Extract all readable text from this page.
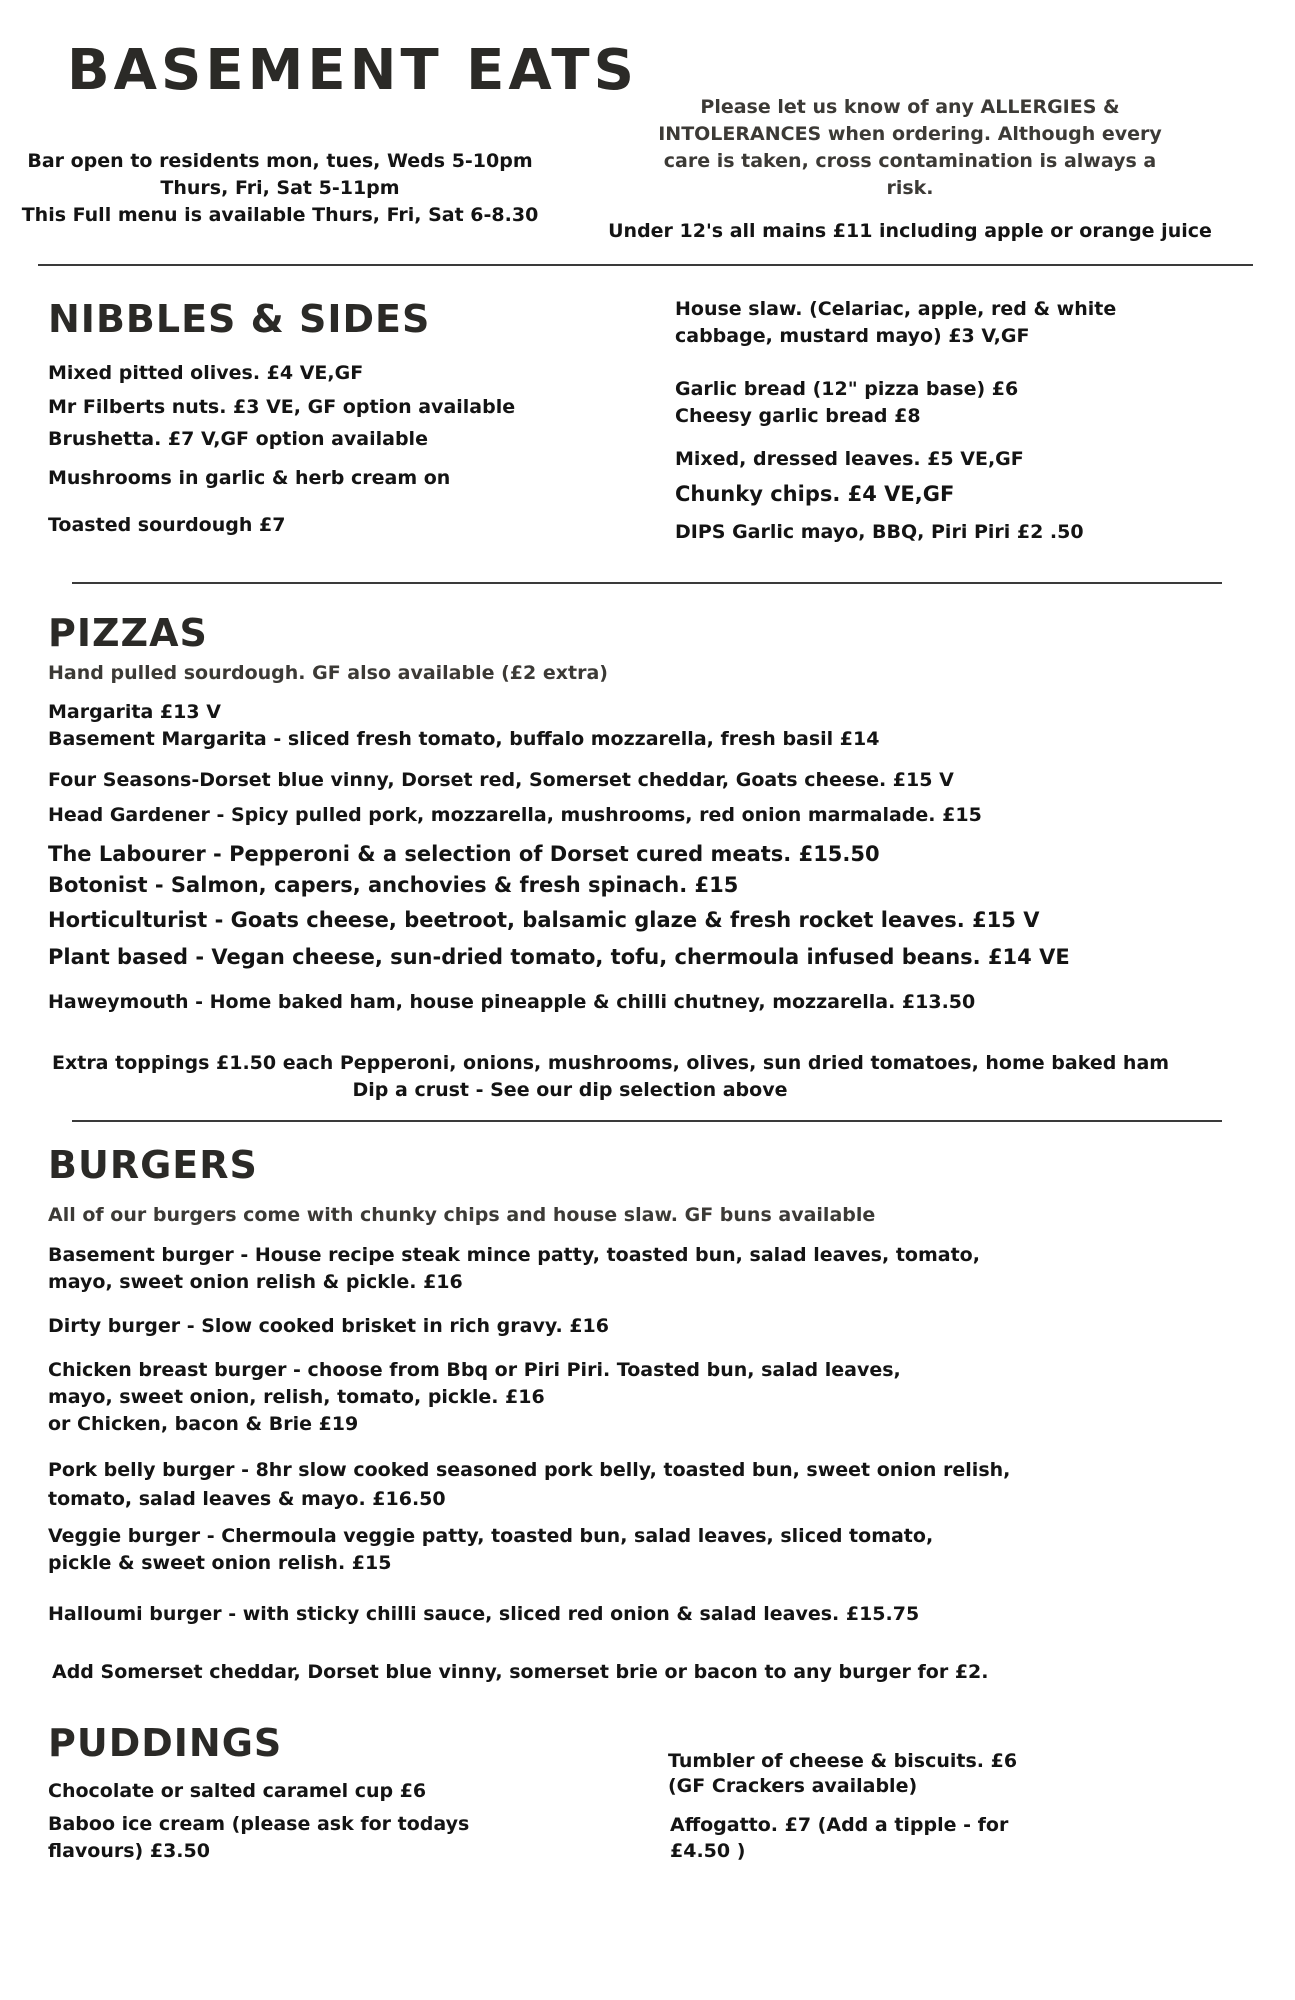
BASEMENT EATS
Bar open to residents mon, tues, Weds 5-10pm
Thurs, Fri, Sat 5-11pm
This Full menu is available Thurs, Fri, Sat 6-8.30
Please let us know of any ALLERGIES &
INTOLERANCES when ordering. Although every
care is taken, cross contamination is always a
risk.
Under 12's all mains £11 including apple or orange juice
NIBBLES & SIDES
Mixed pitted olives. £4 VE,GF
Mr Filberts nuts. £3 VE, GF option available
Brushetta. £7 V,GF option available
Mushrooms in garlic & herb cream on
Toasted sourdough £7
House slaw. (Celariac, apple, red & white
cabbage, mustard mayo) £3 V,GF
Garlic bread (12" pizza base) £6
Cheesy garlic bread £8
Mixed, dressed leaves. £5 VE,GF
Chunky chips. £4 VE,GF
DIPS Garlic mayo, BBQ, Piri Piri £2 .50
PIZZAS
Hand pulled sourdough. GF also available (£2 extra)
Margarita £13 V
Basement Margarita - sliced fresh tomato, buffalo mozzarella, fresh basil £14
Four Seasons-Dorset blue vinny, Dorset red, Somerset cheddar, Goats cheese. £15 V
Head Gardener - Spicy pulled pork, mozzarella, mushrooms, red onion marmalade. £15
The Labourer - Pepperoni & a selection of Dorset cured meats. £15.50
Botonist - Salmon, capers, anchovies & fresh spinach. £15
Horticulturist - Goats cheese, beetroot, balsamic glaze & fresh rocket leaves. £15 V
Plant based - Vegan cheese, sun-dried tomato, tofu, chermoula infused beans. £14 VE
Haweymouth - Home baked ham, house pineapple & chilli chutney, mozzarella. £13.50
Extra toppings £1.50 each Pepperoni, onions, mushrooms, olives, sun dried tomatoes, home baked ham
Dip a crust - See our dip selection above
BURGERS
All of our burgers come with chunky chips and house slaw. GF buns available
Basement burger - House recipe steak mince patty, toasted bun, salad leaves, tomato,
mayo, sweet onion relish & pickle. £16
Dirty burger - Slow cooked brisket in rich gravy. £16
Chicken breast burger - choose from Bbq or Piri Piri. Toasted bun, salad leaves,
mayo, sweet onion, relish, tomato, pickle. £16
or Chicken, bacon & Brie £19
Pork belly burger - 8hr slow cooked seasoned pork belly, toasted bun, sweet onion relish,
tomato, salad leaves & mayo. £16.50
Veggie burger - Chermoula veggie patty, toasted bun, salad leaves, sliced tomato,
pickle & sweet onion relish. £15
Halloumi burger - with sticky chilli sauce, sliced red onion & salad leaves. £15.75
Add Somerset cheddar, Dorset blue vinny, somerset brie or bacon to any burger for £2.
PUDDINGS
Chocolate or salted caramel cup £6
Baboo ice cream (please ask for todays
flavours) £3.50
Tumbler of cheese & biscuits. £6
(GF Crackers available)
Affogatto. £7 (Add a tipple - for
£4.50 )
